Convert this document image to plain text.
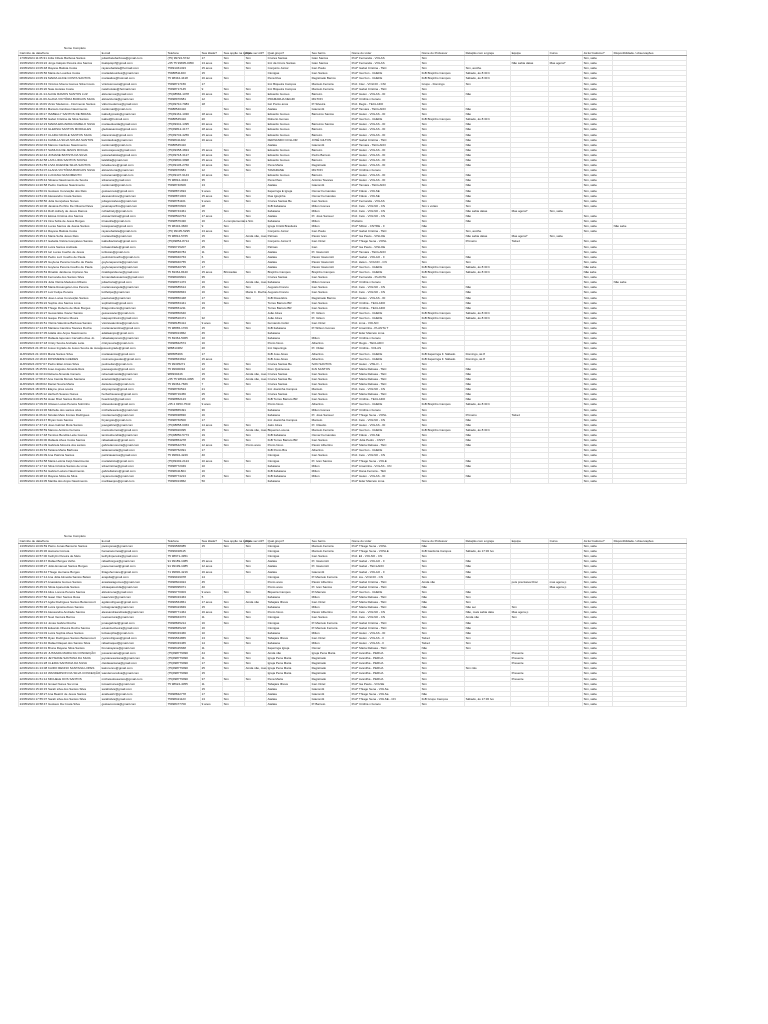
Nome Completo
Carimbo de data/hora	E-mail	Telefone	Sua Idade?	Sua opção na Igreja	Pode ser útil?	Qual grupo?	Seu bairro	Nome do Líder	Nome do Professor	Relação com a igreja	Equipe	Curso	Já fez batismo?	Disponibilidade / observações
17/05/2024 11:05:31 Júlia Cibele Barbosa Santos	juliacibelebarbosa@gmail.com	(75) 99724-5742	17	Sim	Sim	Cruzes Santas	Gian Santos	Prof* Fernanda - VOLAS	Sim				Sim, sabe	
19/05/2024 15:03:22 Jorge Italquis Pereira dos Santos	itsalquisprf@gmail.com	+55 75 99835-0050	13 anos	Sim	Sim	Inic da Cruze Santas	Gian Santos	Prof* Fernanda - VOLAS	Sim		Não sabia datas	Mas agora?	Sim, sabe	
19/05/2024 13:05:48 Rayane Batista Costa	rayanebatista@hotmail.com	75991461323	15 anos	Sim	Sim	Conjunto Junior	Ivan Paulo	Prof* Isabel Cristina - TEC	Sim	Sim, acolhe			Sim, sabe	
08/05/2024 13:05:56 Maria de Lourdes Costa	mariadelourdes@gmail.com	75988511463	15			Clonigas	Ivan Santos	Prof* Guzzon - CHEFE	IGB Brejinho Campos	Sábado, às 8:30 Ii			Sim, sabe	
08/05/2024 13:05:19 MARIA ALICE COSTA SANTOS	mariaalice@hotmail.com	75 98342-4418	16 anos	Sim		Pena Rua	Registrado Barros	Prof* Guzzon - CHEFE	IGB Brejinho Campos	Sábado, às 8:30 Ii			Sim, sabe	
08/05/2024 13:05:43 Vinícius Moura Gomes Silva Couto	viniciusmoura@gmail.com	75998717156	17			Inic Biqueira Campos	Marcelo Ferreira	Prof. Clec - VOLNO - CNI	Grupo - Domingo	Sim			Sim, sabe	
08/05/2024 13:45:20 Nate Hoisias Costa	natehoisias@hotmail.com	75998717145	9	Sim	Sim	Inic Biqueira Campos	Marcelo Ferreira	Prof* Isabel Cristina - TEC	Sim				Sim, sabe	
08/05/2024 11:21:14 ALICE RAMOS SANTOS LUZ	aliceramos@gmail.com	(75)98584-1078	16 anos	Sim	Sim	Eduardo Gomes	Barreiro	Prof* Helen - VOLAS - ID	Sim	Não			Sim, sabe	
09/05/2024 11:21:06 ALANA VICTÓRIA BURGOS SILVA	alicavictoria@gmail.com	75998970681	12	Sim	Sim	PRAMARHA NEGRI	MILTON	Prof* Cinthia x buraco	Sim				Sim, sabe	
09/05/2024 11:16:09 Victor Medeiros - Florimenio Santos	viktormedeiros@gmail.com	(75)99710-7983	18			Isic Ponto anos	Pr Silveira	Prof. Regis - TECLADO	Sim				Sim, sabe	
09/05/2024 11:08:41 Marcelo Cardoso Nascimento	cardomail@gmail.com	75988540410		Sim	Sim	Atalaia	Giacomitt	Prof* Tamara - TECLADO	Sim	Não			Sim, sabe	
09/05/2024 11:08:17 ISABELLY SANTOS DE BRASIL	isabellyprado@gmail.com	(75)99161-1030	18 anos	Sim	Sim	Eduardo Gomes	Barreiros Santos	Prof* Helen - VOLAS - ID	Sim	Não			Sim, sabe	
09/05/2024 10:48:56 Isabel Cristina da Silva Santos	isabel@hotmail.com	75988545410	20			Roberto Gomes		Prof* Guzzon - CHEFE	IGB Brejinho Campos	Sábado, às 8:30 Ii			Sim, sabe	
09/05/2024 13:12:23 MARIA EDUARDA RAMELO SILVA	mariaeduarda@gmail.com	(75)99341-1395	20 anos	Sim	Sim	Eduardo Gomes	Barreiros Santos	Prof* Helen - VOLAS - ID	Sim	Não			Sim, sabe	
09/05/2024 13:17:16 GLEDSIA SANTOS MORALLES	gledsiasantos@gmail.com	(75)99812-4177	18 anos	Sim	Sim	Eduardo Gomes	Barreiro	Prof* Helen - VOLAS - ID	Sim	Não			Sim, sabe	
09/05/2024 13:45:47 CLARA NICOLE SANTOS SILVA	claranicole@gmail.com	(75)99743-4256	15 anos	Sim	Sim	Eduardo Gomes	Barreiro	Prof* Helen - VOLAS - ID	Sim	Não			Sim, sabe	
09/05/2024 14:20:41 KAMILLA SILVA SOUZA SANTOS	kamilasilva@gmail.com	75998411402	16 anos			FERNANDO COLLOR	JOSÉ GILTON	Prof* Isabel Cristina - TEC	Sim	Não			Sim, sabe	
09/05/2024 15:02:03 Marcos Cardoso Nascimento	cardomail@gmail.com	75988545410				Atalaia	Giacomitt	Prof* Tamara - TECLADO	Sim	Não			Sim, sabe	
09/05/2024 15:06:47 SAMUCA DE JESUS ROCHA	samucajesus@gmail.com	(75)99358-4824	15 anos	Sim	Sim	Eduardo Gomes	Barreiro	Prof* Helen - VOLAS - ID	Sim	Não			Sim, sabe	
09/05/2024 15:22:44 JOSIANE BATISTA DA SILVA	josianebatista@gmail.com	(75)99718-3127	20 anos	Sim	Sim	Eduardo Gomes	Pedro Barreto	Prof* Helen - VOLAS - ID	Sim	Não			Sim, sabe	
09/05/2024 15:42:58 LAIS LIDIA SANTOS SOUSA	laislidia@gmail.com	(75)99840-3998	15 anos	Sim	Sim	Eduardo Gomes	Barreiro	Prof* Helen - VOLAS - ID	Sim	Não			Sim, sabe	
09/05/2024 15:51:55 LIVIA DUENNE SILVA SANTOS	liviaduenne@gmail.com	(75)99136-2760	10 anos	Sim	Sim	Pena Maria	Registrado	Prof* Helen - VOLAS - ID	Sim	Não			Sim, sabe	
09/05/2024 15:54:07 ALANA VICTÓRIA BURGOS SILVA	alicavictoria@gmail.com	75998970681	12	Sim	Sim	TAMARANE	MILTON	Prof* Cinthia x buraco	Sim				Sim, sabe	
09/05/2024 16:40:31 LUCIANA NASCIMENTO	lucianamail@gmail.com	(75)99137-9143	10 anos	Sim		Eduardo Gomes	Barreiro	Prof* Helen - VOLAS - ID	Sim	Não			Sim, sabe	
09/05/2024 14:05:44 Silvana Nascimento de Souza	silvanans@gmail.com	75 98812-4044	35			Pena Ilhes	Antônio Tavares	Prof* Helen - VOLAS - ID	Sim	Não			Sim, sabe	
09/05/2024 14:20:58 Pedro Cardoso Nascimento	cardomail@gmail.com	75998740606	13			Atalaia	Giacomitt	Prof* Tamara - TECLADO	Sim	Não			Sim, sabe	
09/05/2024 14:50:01 Gustavo Conceição dos Reis	gustavoreis@gmail.com	75998871694	9 anos	Sim	Sim	Itaperinga E Igreja	Osmar Fernandes	Prof* Flávio - VOLSE	Sim	Não			Sim, sabe	
09/05/2024 14:51:30 Alessandro Costa Santos	alessandrosv@gmail.com	75998871003	15 anos	Sim	Sim	Rua Igrejinha	Osmar Fernandes	Prof* Flávio - VOLSE	Sim	Não			Sim, sabe	
09/05/2024 14:58:56 Julia Gonçalves Nunes	juliagoncalves@gmail.com	75998781101	9 anos	Sim	Sim	Cruzes Santas Be	Ivan Santos	Prof* Fernanda - VOLAS	Sim	Não			Sim, sabe	
09/05/2024 15:10:06 Janaina Porfírio De Oliveira Paiva	janainaporfirio@gmail.com	75998870603	28			IGB Itabaiana	Milton Gomes	Prof. Celo - VOLNO - CN	Sim x volaro	Sim			Sim, sabe	
09/05/2024 15:26:44 Ruth Adriely de Jesus Ramos	ruthadriely@gmail.com	75998743461	15	Sim	Sim	Itabaiana	Milton	Prof. Celo - VOLNO - CN	Sim	Não sabia datas	Mas agora?	Sim, sabe		
09/05/2024 15:35:31 Eloísa Cristina dos Santos	eloisacristina@gmail.com	75998502764	17 anos		Sim	Atalaia	Pr. José Samuel	Prof. Celo - VOLNO - CN	Sim	Não			Sim, sabe	
09/05/2024 15:47:19 Irina Sofia de Jesus Borges	irinasofia@gmail.com	75998576430	16	A complementar	a Sim	Itabaiana	Milton	Prefácio	Sim	Não			Sim, sabe	
09/05/2024 16:00:44 Lucas Santos da Juana Santos	lucasjuana@gmail.com	75 98434-3660	9	Sim		Igreja Cristã Brasileira	Milton	Prof* Milton - CNTRE - II	Não				Sim, sabe	Não sabe
09/05/2024 15:28:12 Rayane Batista Costa	rayanebatista@gmail.com	(75) 99135-5295	13 anos	Sim		Conjunto Junior	Ivan Paulo	Prof* Isabel Cristina - TEC	Sim	Sim, acolhe			Sim, sabe	
09/05/2024 15:35:41 Maria Sofia Jesus Reis	mariasofia@gmail.com	75 98812-5765	15	Sim	Ainda não, mas	Palmas	Pastor Ivan	Prof* Isa Paulo - VISLOE	Sim	Não sabia datas	Mas agora?	Sim, sabe		
10/05/2024 13:45:47 Isabella Vitória Gonçalves Santos	isabellavitoria@gmail.com	(75)99854-8714	15	Sim	Sim	Conjunto Junior II	Ivan Ontel	Prof* Thiago Sena - VOSL	Sim	Primeiro	Talvez		Sim, sabe	
10/05/2024 15:18:10 Luiza Santos Andrade	luizaandrade@gmail.com	75996715207	25		Sim	Palmas	Ivan	Prof* Isa Paulo - VISLOE	Sim				Sim, sabe	
10/05/2024 15:35:15 Iuri Lucas Coelho de Jesus	iurilucas@gmail.com	75998530784	11	Sim		Atalaia	Pr. Giacomitt	Prof* Tamara - TECLADO	Sim				Sim, sabe	
10/05/2024 16:50:40 Pedro Luiz Coelho de Paula	pedroluizcoelho@gmail.com	75998940763	6	Sim	Sim	Atalaia	Pastor Giacomitt	Prof* Isabel - VOLAO - II	Sim	Não			Sim, sabe	
10/05/2024 16:48:25 Guylena Pereira Coelho de Paula	guylenapereira@gmail.com	75998940755	15			Atalaia	Pastor Giacomitt	Prof. Helen - VOLNO - CN	Sim	Sim			Sim, sabe	
10/05/2024 16:59:11 Guylena Pereira Coelho de Paula	guylenapereira@gmail.com	75998640795	17			Atalaia	Pastor Giacomitt	Prof* Guzzon - CHEFE	IGB Brejinho Campos	Sábado, às 8:30 Ii			Não sabe	
10/05/2024 15:06:53 Rinaldo Jardsone Cipriano Sa	rinaldojardsone@gmail.com	75 69364-8440	15 anos	Brincadas	Sim	Brejinho Campos	Brejinho Campos	Prof* Guzzon - CHEFE	IGB Brejinho Campos	Sábado, às 8:30 Ii			Não sabe	
10/05/2024 15:59:40 Fernanda dos Santos Silva	fernandadossantos@gmail.com	75998409601	35			Cruzes Santas	Ivan Santos	Prof* Fernanda - PLANTA	Sim				Sim, sabe	
10/05/2024 16:04:49 Julia Vitória Medeiros Ribeiro	juliavitoria@gmail.com	75998971473	16	Sim	Ainda não, mas	Itabaiana	Milton Gomes	Prof* Cinthia x buraco	Sim				Sim, sabe	Não sabe
10/05/2024 16:39:58 Maria Rosangela Lima Pereira	mariarosangela@gmail.com	75998685614	15	Sim	Sim	Augusto Franco	Ivan Santos	Prof. Celo - VOLNO - CN	Sim	Não			Sim, sabe	
10/05/2024 16:45:37 Luiz Felipe Pereira	luizfelipe@gmail.com	75998968843	16	Sim	Maria C. Rocha	Augusto Franco	Ivan Santos	Prof. Celo - VOLNO - CN	Sim	Não			Sim, sabe	
10/05/2024 15:36:52 Joao Lucas Conceição Santos	joaolucas@gmail.com	75998850448	17	Sim	Sim	IGB Rosa Elze	Registrado Barros	Prof* Helen - VOLAS - ID	Sim	Não			Sim, sabe	
10/05/2024 15:59:22 Sophie dos Santos Lima	sophielima@gmail.com	75998653441	19	Sim		Torres Barreto BR	Ivan Santos	Prof* Cinthia - TECLADO	Sim	Não			Sim, sabe	
10/05/2024 15:59:09 Thiago Roberto de Melo Borges	thiagoroberto@gmail.com	75998651211	15			Torres Barreto BR	Ivan Santos	Prof* Cinthia - TECLADO	Sim	Não			Sim, sabe	
10/05/2024 16:16:27 Gessé Eike Xavier Santos	gessexavier@gmail.com	75998850640				João Alves	Pr. Gilson	Prof* Guzzon - CHEFE	IGB Brejinho Campos	Sábado, às 8:30 Ii			Sim, sabe	
10/05/2024 17:01:42 Isaque Pinheiro Moura	isaquepinheiro@gmail.com	75998520471	32			João Alves	Pr. Gilson	Prof* Guzzon - CHEFE	IGB Brejinho Campos	Sábado, às 8:30 Ii			Sim, sabe	
10/05/2024 20:26:51 Vitória Valentina Barbosa Santos	vitoriavalentina@gmail.com	75998185414	9 anos	Sim	Sim	Fernando Collor	Ivan Ontel	Prof. Lima - VOLNO	Sim				Sim, sabe	
10/05/2024 17:14:45 Mariana Carolina Tavares Rocha	marianacarolina@gmail.com	75 98865-1709	15	Sim	Sim	IGB Itabaiana	Pr Wilson Gomes	Prof* Amarinha - PLANTA T	Sim				Sim, sabe	
10/05/2024 20:37:35 Adalia dos Anjos Nascimento	adaliaanjos@gmail.com	75998013862	45			Itabaiana		Prof* Eder Marcelo Lima	Sim				Sim, sabe	
10/05/2024 20:56:07 Rafaela Iaponam Carvalho Aloe Jo	rafaelaiaponam@gmail.com	75 69364-5065	10			Itabaiana	Milton	Prof* Cinthia x buraco	Sim				Sim, sabe	
10/05/2024 20:37:18 Cristy Souza Andrade Leite	cristysouza@gmail.com	75998842574	16			Ponto Novo	Albertino	Prof* Regis - TECLADO	Sim				Sim, sabe	
11/05/2024 21:48:12 Josué Ingrade de Jesus Souza de Jesus	josueingrade@gmail.com	988814382	20			Inic Itaperinga	Pr. Oldan	Prof* Cinthia - VOLAS	Sim				Sim, sabe	
11/05/2024 21:19:03 Maria Santos Silva	mariasantos@gmail.com	989585366	17			IGB Jose Alves	Albertino	Prof* Guzzon - CHEFE	IGB Itaperinga F. Sábado	Domingo, às 8			Sim, sabe	
11/05/2024 23:18:43 ROSIMEIRE GUEDES	rosimeireguedes@gmail.com	75998843812	15 anos			IGB Jose Alves	Albertino	Prof* Guzzon - CHEFE	IGB Itaperinga F. Sábado	Domingo, às 8			Sim, sabe	
11/05/2024 20:57:07 Pedro Elian Arcas Silva	pedroelian@gmail.com	75 99335271	15	Sim	Sim	Cruzes Santas Be	IVAN SANTOS	Prof* Helen - VISLO - I	Sim				Sim, sabe	
11/05/2024 15:45:59 Joao Augusto Almeida Reis	joaoaugusto@gmail.com	75 99900094	12	Sim	Sim	Dom Quinteresa	IGN SANTOS	Prof* Marta Rebasa - TEC	Sim	Não			Sim, sabe	
11/05/2024 11:33:44 Rebeca Almeida Camelo	rebecaalmeida@gmail.com	989930446	15	Sim	Ainda não, mas	Cruzes Santas	Ivan Santos	Prof* Marta Rebasa - TEC	Sim	Não			Sim, sabe	
11/05/2024 17:58:47 Ana Camila Morais Santana	anacamila@gmail.com	+55 75 98634-4095	15	Sim	Ainda não, mas	Cruzes Santas Be	Ivan Santos	Prof* Marta Rebasa - TEC	Sim	Não			Sim, sabe	
11/05/2024 18:08:02 Daniel Souza Maria	danielsouza@gmail.com	75 99364-7666	7	Sim	Sim	Cruzes Santas	Ivan Santos	Prof* Marta Rebasa - TEC	Sim	Não			Sim, sabe	
11/05/2024 18:39:51 Elayne pires souza	elaynepires@gmail.com	75998760524	21			Inic Joaninha Campos	Marcelo	Prof. Celo - VOLNO - CN	Sim	Não			Sim, sabe	
11/05/2024 15:05:12 Hérbeth Soares Nunes	herbethsoares@gmail.com	75998719456	25	Sim	Sim	Cruzes Santas	Ivan Santos	Prof* Marta Rebasa - TEC	Sim	Não			Sim, sabe	
12/05/2024 09:25:52 Huan Braz Santos Rocha	huanbraz@gmail.com	75998852123	15	Sim	Sim	IGB Torres Barreto BR	Ivan Santos	Prof* Cinthia - TECLADO	Sim	Não			Sim, sabe	
12/05/2024 17:09:45 Ulisses Lucas Pereira Sobrinho	ulisseslucas@gmail.com	+55 4 9353-7543	9 anos			Ponto Novo	Albertino	Prof* Guzzon - CHEFE	IGB Brejinho Campos	Sábado, às 8:30 Ii			Sim, sabe	
12/05/2024 19:13:36 Michelle dos santos silva	michellesantos@gmail.com	75998865491	36			Itabaiana	Milton Gomes	Prof* Cinthia x buraco	Sim				Sim, sabe	
13/05/2024 11:06:22 Nicolas Melo Fontes Rodrigues	nicolasmelo@gmail.com	75998938830	16			Itabaiana	Pr. José Samuel	Prof* Thiago Sena - VOSL	Sim	Primeiro	Talvez		Sim, sabe	
13/05/2024 15:23:47 Bryan Gois Santos	bryangois@gmail.com	75998760500	17			Inic Joaninha Campos	Marcelo	Prof. Celo - VOLNO - CN	Sim	Não			Sim, sabe	
13/05/2024 17:47:23 Joao Gabriel Mota Santos	joaogabriel@gmail.com	(75)98858-6063	14 anos	Sim	Sim	Jairo Alves	Pr. Cláudio	Prof* Helen - VOLAS - ID	Sim	Não			Sim, sabe	
14/05/2024 06:58:59 Marcos Antônio Ferreira	marcosferreira@gmail.com	75998920095	15	Sim	Ainda não, mas	Biqueira Lucena	Marcelo Ferreira	Prof* Guzzon - CHEFE	IGB Brejinho Campos	Sábado, às 8:30 Ii			Sim, sabe	
14/05/2024 10:17:48 Tamires Bendita Leite Gomes	tamiresbendita@gmail.com	(75)98850-5773	19		Sim	IGB Itabaiana	Osmar Fernandes	Prof* Flávio - VOLSE	Sim	Não			Sim, sabe	
14/05/2024 10:46:00 Rafaela Alves Costa Santos	rafaelaalves@gmail.com	75998854278	15	Sim	Sim	IGB Torres Barreto BR	Ivan Santos	Prof* Julia Pedro - CNST	Sim	Não			Sim, sabe	
14/05/2024 10:51:09 Gabriela Moreira dos santos	gabrielamoreira@gmail.com	75998642763	12 anos	Sim	Ponto anos	Ponto Novo	Pastor Albertino	Prof* Marta Rebasa - TEC	Sim	Não			Sim, sabe	
14/05/2024 13:49:54 Tatiana Maria Barbosa	tatianamaria@gmail.com	75998752091	17			IGB Ponto Bra	Albertino	Prof* Guzzon - CHEFE	Sim				Sim, sabe	
14/05/2024 15:46:09 Ana Patrícia Santos	patriciasantos@gmail.com	75 99834-4229	40			Clonigas	Ivan Santos	Prof. Celo - VOLNO - CN	Sim				Sim, sabe	
15/05/2024 14:54:58 Maria Letícia Feijó Nascimento	marialeticia@gmail.com	(75)99402-2124	10 anos	Sim	Sim	Clonigas	Pr. Ivan Santos	Prof* Thiago Sena - VOLE	Sim	Não			Sim, sabe	
15/05/2024 17:17:10 Silva Cristina Santos de Lima	silvacristina@gmail.com	75998772049	10			Itabaiana	Milton	Prof* Amarinha - VOLAS - CN	Sim	Não			Sim, sabe	
16/05/2024 13:53:52 Gabriel Lazaro Nascimento	gabriellazaro@gmail.com	75998411804	16		Sim	IGB Itabaiana	Milton	Prof* Dana Ferreira - TEC	Sim				Sim, sabe	
16/05/2024 16:28:10 Rayane Mota da Silva	rayanemota@gmail.com	75998774213	15	Sim	Sim	IGB Itabaiana	Milton	Prof* Helen - VOLAS - ID	Sim	Não			Sim, sabe	
16/05/2024 19:43:05 Marília dos Anjos Nascimento	mariliaanjos@gmail.com	75998013862	50			Itabaiana		Prof* Eder Marcelo Lima	Sim				Sim, sabe	
Nome Completo
Carimbo de data/hora	E-mail	Telefone	Sua Idade?	Sua opção na Igreja	Pode ser útil?	Qual grupo?	Seu bairro	Nome do Líder	Nome do Professor	Relação com a igreja	Equipe	Curso	Já fez batismo?	Disponibilidade / observações
13/05/2024 10:09:59 Pietro Jonas Bamuzio Santos	pietrojonas@gmail.com	75999568085	15	Sim	Sim	Clonigas	Marcelo Ferreira	Prof* Thiago Sena - VOSL	Não				Sim, sabe	
13/05/2024 10:45:36 Hamara Correia	hamaracorreia@gmail.com	75999018115				Clonigas	Marcelo Ferreira	Prof* Thiago Sena - VOSLE	IGB Gardoria Campos	Sábado, às 17:30 Ivo			Sim, sabe	
13/05/2024 10:57:00 Kethylin Pereira de Melo	kethylinpereira@gmail.com	75 98971-4951				Clonigas	Ivan Santos	Prof. Eli - VOLNO - CN	Sim				Sim, sabe	
13/05/2024 13:48:47 Rafael Borges Velho	rafaelborges@gmail.com	91 99189-1085	15 anos		Sim	Atalaia	Pr. Giacomitt	Prof* Isabel - VOLAO - II	Sim	Não			Sim, sabe	
13/05/2024 13:08:27 João Emanuel Santos Borges	joaoemanuel@gmail.com	91 99199-1085	12 anos		Sim	Atalaia	Pr. Giacomitt	Prof* Isabel - TECLADO	Sim	Não			Sim, sabe	
14/05/2024 13:56:42 Thiago Hernane Borges	thiagohernane@gmail.com	71 99830-4216	16 anos		Sim	Atalaia	Giacomitt	Prof* Isabel - VOLAO - II	Sim	Não			Sim, sabe	
14/05/2024 13:17:14 Ana Júlia Almeida Santos Belém	anajulia@gmail.com	75999919078	14			Clonigas	Pr Marcelo Ferreira	Prof. Lia - VOLNO - CN	Sim	Não			Sim, sabe	
21/05/2024 15:06:27 Anastácia Gomes Santos	anastasiagomes@gmail.com	75998604024	45			Ponto anos	Pastor Albertino	Prof* Isabel Cristina - TEC	Ainda não		pois precisava bhsc	mas agora p	Sim, sabe	
21/05/2024 15:45:01 Silvia Aparecida Santos	silviaaparecida@gmail.com	75998095071	40			Ponto anos	Pr. Ivan Santos	Prof* Isabel Cristina - TEC	Não			Mas agora p	Sim, sabe	
22/05/2024 15:58:43 Alice Lorena Pereira Santos	alicelorena@gmail.com	75999770003	9 anos	Sim	Sim	Biqueira Campos	Pr.Marcelo	Prof* Guzzon - CHEFE	Sim	Não			Sim, sabe	
22/05/2024 15:07:50 Isaac Vitor Santos Rosa	isaacvitor@gmail.com	75998433463	5			Itabaiana	Milton	Prof* Marta Rebasa - TEC	Não	Sim			Sim, sabe	
22/05/2024 15:54:27 Agda Rodrigues Santos Bettencourt	agdarodrigues@gmail.com	75999564861	17 anos	Sim	Ainda não	Tabajara Ilhéus	Ivan Ontel	Prof* Marta Rebasa - TEC	Não	Sim			Sim, sabe	
22/05/2024 15:56:38 Luiza Ignácia Alves Santos	luizaignacia@gmail.com	75998423849	15	Sim		Itabaiana	Milton	Prof* Marta Rebasa - TEC	Não	Não sei	Sim		Sim, sabe	
22/05/2024 15:58:31 Alessandra Andrade Santos	alessandraandrade@gmail.com	75998771464	16 anos	Sim	Sim	Ponto Novo	Pastor Albertino	Prof. Celo - VOLNO - CN	Sim	Não, mais sabia data	Mas agora p		Sim, sabe	
22/05/2024 15:30:37 Noel Ventura Barros	noelventura@gmail.com	75998943373	11	Sim	Sim	Clonigas	Ivan Santos	Prof. Celo - VOLNO - CN	Sim	Ainda não	Sim		Sim, sabe	
22/05/2024 16:16:12 Jonas Gabriel Rocha	jonasgabriel@gmail.com	75998845214	16	Sim		Clonigas	Pr Marcelo Ferreira	Prof* Isabel Cristina - TEC	Sim	Não			Sim, sabe	
22/05/2024 16:33:09 Eduardo Oliveira Rocha Santos	eduardooliveira@gmail.com	75998845218	16			Clonigas	Pr Marcelo Ferreira	Prof* Isabel Cristina - TEC	Sim	Não			Sim, sabe	
22/05/2024 17:04:03 Luiza Sophia Alves Santos	luizasophia@gmail.com	75998433466	10			Itabaiana	Milton	Prof* Helen - VOLAS - ID	Sim	Não			Sim, sabe	
22/05/2024 17:58:55 Ryan Rodrigues Santos Bettencourt	ryanrodrigues@gmail.com	75999564865	13	Sim	Sim	Tabajara Ilhéus	Ivan Ontel	Prof* Helen - VOLAS - II	Talvez	Sim			Sim, sabe	
22/05/2024 17:31:40 Rafael Raquel dos Santos Silva	rafaelraquel@gmail.com	75998433465	14	Sim	Sim	Itabaiana	Milton	Prof* Helen - VOLAS - II	Talvez	Sim			Sim, sabe	
22/05/2024 18:10:01 Bruna Rayane Silva Santos	brunarayane@gmail.com	75998425668	11			Itaperinga Igreja	Osmar	Prof* Marta Rebasa - TEC	Não	Sim			Sim, sabe	
22/05/2024 18:54:20 JUSSARA MARIA DA CONCEIÇÃO	jussaramaria@gmail.com	(75)998779990	44	Sim	Sim	Ainda não	Igreja Pena Maria	Prof* Avanilha - PERUA	Sim		Presente		Sim, sabe	
22/05/2024 20:35:21 JEYSIANE SANTANA DA SILVA	jeysianesantana@gmail.com	(75)998779990	11	Sim	Sim	Igreja Pena Maria	Registrado	Prof* Avanilha - PERUA	Sim		Presente		Sim, sabe	
22/05/2024 21:01:28 CLEIDA SANTANA DA SILVA	cleidasantana@gmail.com	(75)998779990	17	Sim	Sim	Igreja Pena Maria	Registrado	Prof* Avanilha - PERUA	Sim		Presente		Sim, sabe	
22/05/2024 21:13:08 KAIRO RENNO SANTANA LOPES	kairorenno@gmail.com	(75)998779990	25	Sim	Ainda não, mas	Igreja Pena Maria	Registrado	Prof* Avanilha - PERUA	Sim	Sim não			Sim, sabe	
22/05/2024 21:14:16 WANDERSON DA SILVA CONCEIÇÃO	wandersonsilva@gmail.com	(75)998779990	15			Igreja Pena Maria	Registrado	Prof* Avanilha - PERUA	Sim		Presente		Sim, sabe	
22/05/2024 21:51:12 MICHELE DOS SANTOS	micheledossantos@gmail.com	(75)998779990	37	Sim	Sim	Pena Maria	Registrado	Prof* Avanilha - PERUA	Sim		Presente		Sim, sabe	
23/05/2024 20:49:12 Ismael Nunes Sa Lima	ismaelnunes@gmail.com	75 98624-4055	11			Tabajara Ilhéus	Ivan Ontel	Prof* Isa Paulo - VOLSE	Sim				Sim, sabe	
23/05/2024 15:20:15 Sarah silva dos Santos Silva	sarahsilva@gmail.com		15			Atalaia	Giacomitt	Prof* Thiago Sena - VOLSa	Sim				Sim, sabe	
23/05/2024 17:48:27 Ana Beatriz de Jesus Santos	anabeatriz@gmail.com	75998842778	17	Sim		Atalaia	Giacomitt	Prof* Thiago Sena - VOLSa	Não				Sim, sabe	
23/05/2024 17:55:07 Sarah silva dos Santos Silva	sarahsilva@gmail.com	75998421123	13	Sim		Atalaia	Giacomitt	Prof* Thiago Sena - VOLSE - CN	IGB Grupo Campos	Sábado, às 17:30 Ivo			Sim, sabe	
24/05/2024 10:58:47 Gustavo Da Costa Silva	gustavocosta@gmail.com	75998477700	9 anos	Sim		Atalaia	Pr Barreto	Prof* Cinthia x buraco	Sim				Sim, sabe	
